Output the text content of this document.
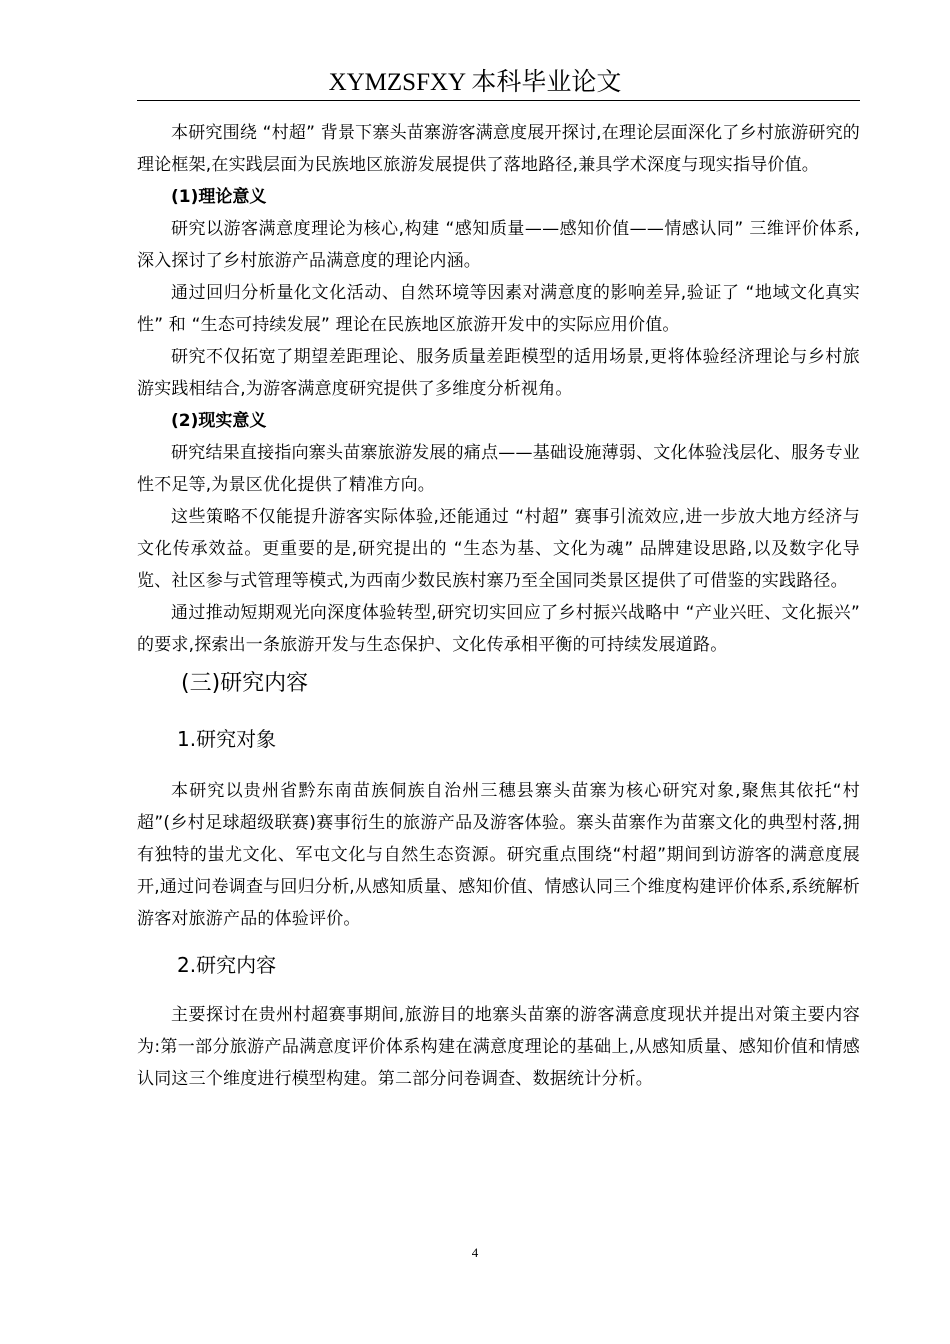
XYMZSFXY 本科毕业论文

本研究围绕 “村超” 背景下寨头苗寨游客满意度展开探讨,在理论层面深化了乡村旅游研究的理论框架,在实践层面为民族地区旅游发展提供了落地路径,兼具学术深度与现实指导价值。

(1)理论意义

研究以游客满意度理论为核心,构建 “感知质量——感知价值——情感认同” 三维评价体系,深入探讨了乡村旅游产品满意度的理论内涵。

通过回归分析量化文化活动、自然环境等因素对满意度的影响差异,验证了 “地域文化真实性” 和 “生态可持续发展” 理论在民族地区旅游开发中的实际应用价值。

研究不仅拓宽了期望差距理论、服务质量差距模型的适用场景,更将体验经济理论与乡村旅游实践相结合,为游客满意度研究提供了多维度分析视角。

(2)现实意义

研究结果直接指向寨头苗寨旅游发展的痛点——基础设施薄弱、文化体验浅层化、服务专业性不足等,为景区优化提供了精准方向。

这些策略不仅能提升游客实际体验,还能通过 “村超” 赛事引流效应,进一步放大地方经济与文化传承效益。更重要的是,研究提出的 “生态为基、文化为魂” 品牌建设思路,以及数字化导览、社区参与式管理等模式,为西南少数民族村寨乃至全国同类景区提供了可借鉴的实践路径。

通过推动短期观光向深度体验转型,研究切实回应了乡村振兴战略中 “产业兴旺、文化振兴” 的要求,探索出一条旅游开发与生态保护、文化传承相平衡的可持续发展道路。

(三)研究内容

1.研究对象

本研究以贵州省黔东南苗族侗族自治州三穗县寨头苗寨为核心研究对象,聚焦其依托“村超”(乡村足球超级联赛)赛事衍生的旅游产品及游客体验。寨头苗寨作为苗寨文化的典型村落,拥有独特的蚩尤文化、军屯文化与自然生态资源。研究重点围绕“村超”期间到访游客的满意度展开,通过问卷调查与回归分析,从感知质量、感知价值、情感认同三个维度构建评价体系,系统解析游客对旅游产品的体验评价。

2.研究内容

主要探讨在贵州村超赛事期间,旅游目的地寨头苗寨的游客满意度现状并提出对策主要内容为:第一部分旅游产品满意度评价体系构建在满意度理论的基础上,从感知质量、感知价值和情感认同这三个维度进行模型构建。第二部分问卷调查、数据统计分析。

4
